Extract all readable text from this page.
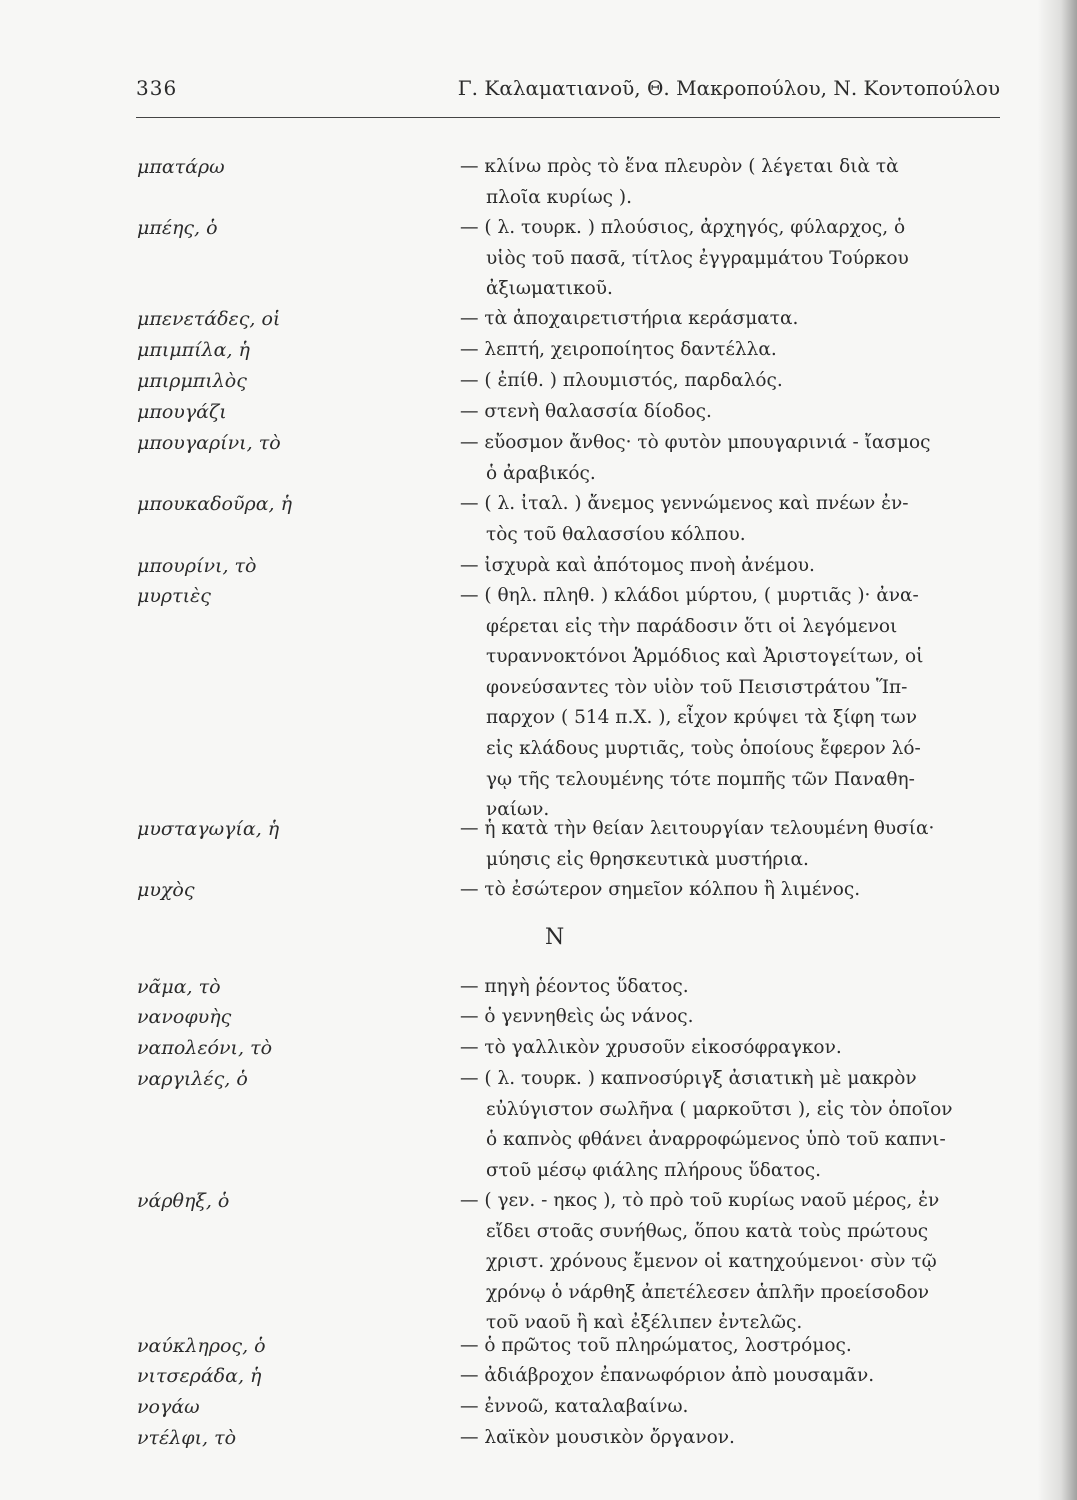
336	Γ. Καλαματιανοῦ, Θ. Μακροπούλου, Ν. Κοντοπούλου
μπατάρω	— κλίνω πρὸς τὸ ἕνα πλευρὸν ( λέγεται διὰ τὰ
πλοῖα κυρίως ).
μπέης, ὁ	— ( λ. τουρκ. ) πλούσιος, ἀρχηγός, φύλαρχος, ὁ
υἱὸς τοῦ πασᾶ, τίτλος ἐγγραμμάτου Τούρκου
ἀξιωματικοῦ.
μπενετάδες, οἱ	— τὰ ἀποχαιρετιστήρια κεράσματα.
μπιμπίλα, ἡ	— λεπτή, χειροποίητος δαντέλλα.
μπιρμπιλὸς	— ( ἐπίθ. ) πλουμιστός, παρδαλός.
μπουγάζι	— στενὴ θαλασσία δίοδος.
μπουγαρίνι, τὸ	— εὔοσμον ἄνθος· τὸ φυτὸν μπουγαρινιά - ἴασμος
ὁ ἀραβικός.
μπουκαδοῦρα, ἡ	— ( λ. ἰταλ. ) ἄνεμος γεννώμενος καὶ πνέων ἐν-
τὸς τοῦ θαλασσίου κόλπου.
μπουρίνι, τὸ	— ἰσχυρὰ καὶ ἀπότομος πνοὴ ἀνέμου.
μυρτιὲς	— ( θηλ. πληθ. ) κλάδοι μύρτου, ( μυρτιᾶς )· ἀνα-
φέρεται εἰς τὴν παράδοσιν ὅτι οἱ λεγόμενοι
τυραννοκτόνοι Ἁρμόδιος καὶ Ἀριστογείτων, οἱ
φονεύσαντες τὸν υἱὸν τοῦ Πεισιστράτου Ἵπ-
παρχον ( 514 π.Χ. ), εἶχον κρύψει τὰ ξίφη των
εἰς κλάδους μυρτιᾶς, τοὺς ὁποίους ἔφερον λό-
γῳ τῆς τελουμένης τότε πομπῆς τῶν Παναθη-
ναίων.
μυσταγωγία, ἡ	— ἡ κατὰ τὴν θείαν λειτουργίαν τελουμένη θυσία·
μύησις εἰς θρησκευτικὰ μυστήρια.
μυχὸς	— τὸ ἐσώτερον σημεῖον κόλπου ἢ λιμένος.
νᾶμα, τὸ	— πηγὴ ῥέοντος ὕδατος.
νανοφυὴς	— ὁ γεννηθεὶς ὡς νάνος.
ναπολεόνι, τὸ	— τὸ γαλλικὸν χρυσοῦν εἰκοσόφραγκον.
ναργιλές, ὁ	— ( λ. τουρκ. ) καπνοσύριγξ ἀσιατικὴ μὲ μακρὸν
εὐλύγιστον σωλῆνα ( μαρκοῦτσι ), εἰς τὸν ὁποῖον
ὁ καπνὸς φθάνει ἀναρροφώμενος ὑπὸ τοῦ καπνι-
στοῦ μέσῳ φιάλης πλήρους ὕδατος.
νάρθηξ, ὁ	— ( γεν. - ηκος ), τὸ πρὸ τοῦ κυρίως ναοῦ μέρος, ἐν
εἴδει στοᾶς συνήθως, ὅπου κατὰ τοὺς πρώτους
χριστ. χρόνους ἔμενον οἱ κατηχούμενοι· σὺν τῷ
χρόνῳ ὁ νάρθηξ ἀπετέλεσεν ἁπλῆν προείσοδον
τοῦ ναοῦ ἢ καὶ ἐξέλιπεν ἐντελῶς.
ναύκληρος, ὁ	— ὁ πρῶτος τοῦ πληρώματος, λοστρόμος.
νιτσεράδα, ἡ	— ἀδιάβροχον ἐπανωφόριον ἀπὸ μουσαμᾶν.
νογάω	— ἐννοῶ, καταλαβαίνω.
ντέλφι, τὸ	— λαϊκὸν μουσικὸν ὄργανον.
Ν
